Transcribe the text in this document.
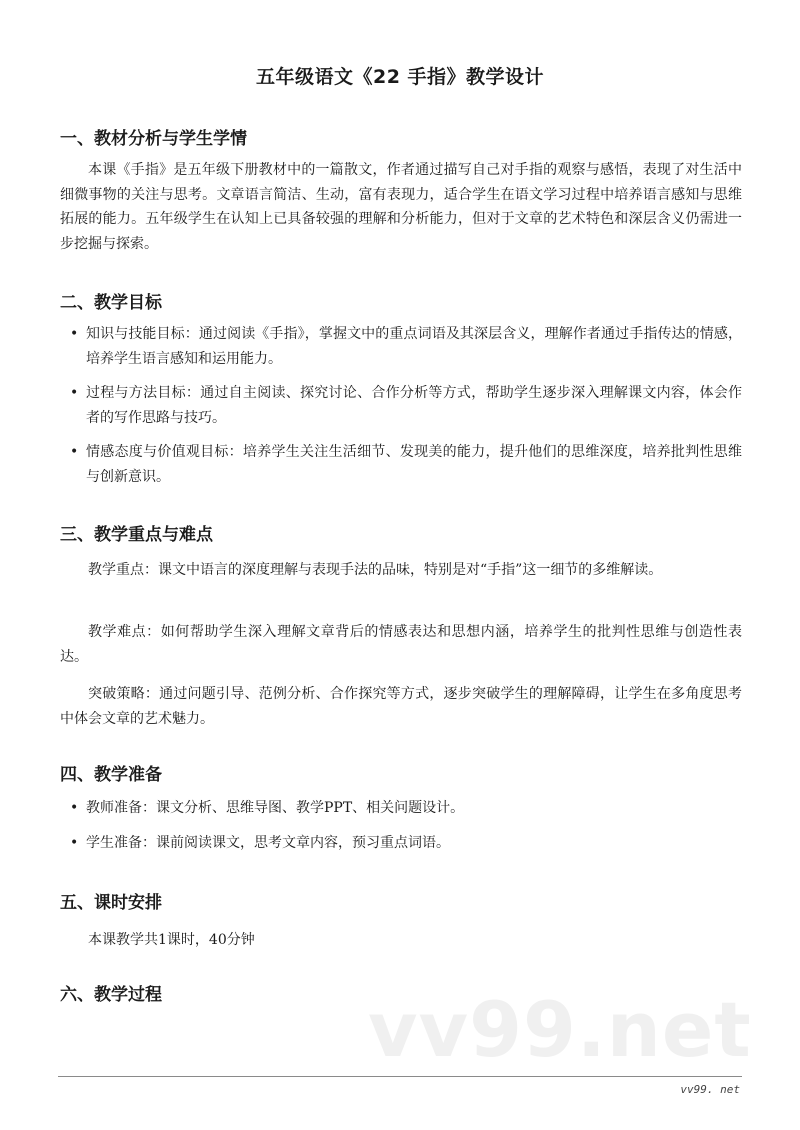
五年级语文《22 手指》教学设计
一、教材分析与学生学情
本课《手指》是五年级下册教材中的一篇散文，作者通过描写自己对手指的观察与感悟，表现了对生活中细微事物的关注与思考。文章语言简洁、生动，富有表现力，适合学生在语文学习过程中培养语言感知与思维拓展的能力。五年级学生在认知上已具备较强的理解和分析能力，但对于文章的艺术特色和深层含义仍需进一步挖掘与探索。
二、教学目标
• 知识与技能目标：通过阅读《手指》，掌握文中的重点词语及其深层含义，理解作者通过手指传达的情感，培养学生语言感知和运用能力。
• 过程与方法目标：通过自主阅读、探究讨论、合作分析等方式，帮助学生逐步深入理解课文内容，体会作者的写作思路与技巧。
• 情感态度与价值观目标：培养学生关注生活细节、发现美的能力，提升他们的思维深度，培养批判性思维与创新意识。
三、教学重点与难点
教学重点：课文中语言的深度理解与表现手法的品味，特别是对“手指”这一细节的多维解读。
教学难点：如何帮助学生深入理解文章背后的情感表达和思想内涵，培养学生的批判性思维与创造性表达。
突破策略：通过问题引导、范例分析、合作探究等方式，逐步突破学生的理解障碍，让学生在多角度思考中体会文章的艺术魅力。
四、教学准备
• 教师准备：课文分析、思维导图、教学PPT、相关问题设计。
• 学生准备：课前阅读课文，思考文章内容，预习重点词语。
五、课时安排
本课教学共1课时，40分钟
六、教学过程	vv99.net
vv99. net
